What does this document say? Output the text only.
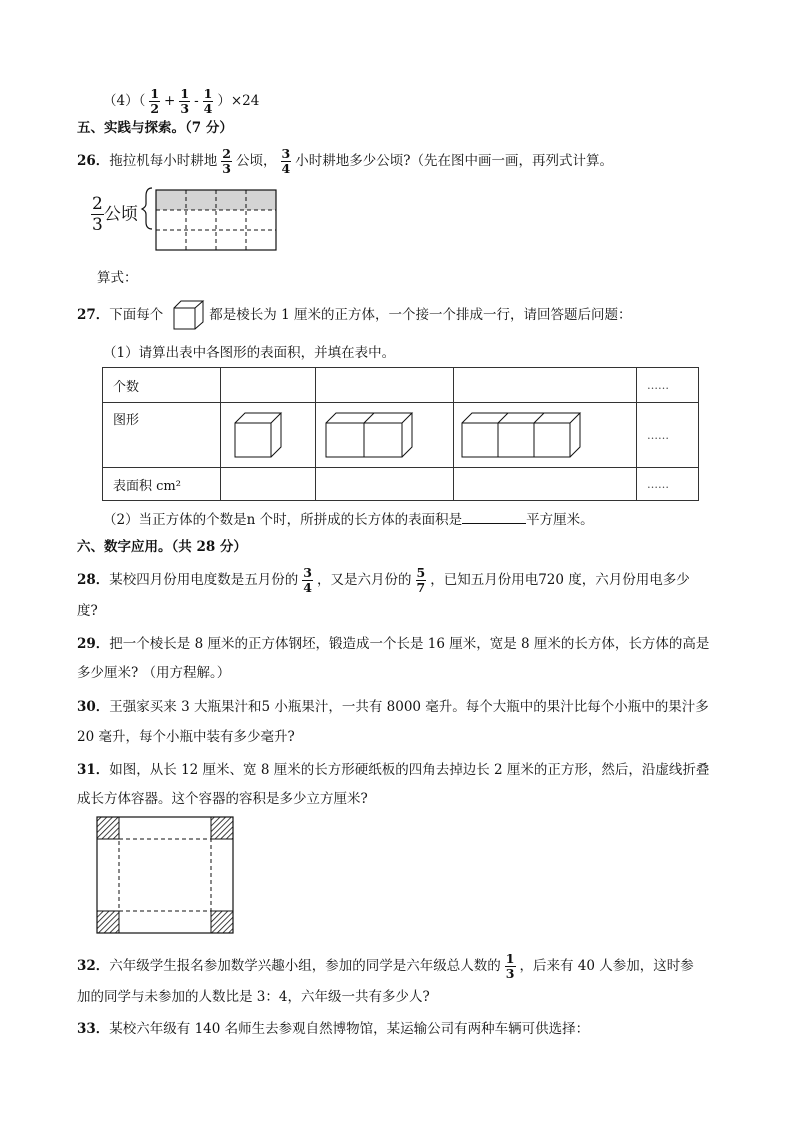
$(4)( \frac{1}{2} + \frac{1}{3} - \frac{1}{4} )\times 24$
五、实践与探索。（7 分）
26．拖拉机每小时耕地 $\frac{2}{3}$ 公顷， $\frac{3}{4}$ 小时耕地多少公顷?（先在图中画一画，再列式计算。
$\frac{2}{3}$ 公顷
算式：
27．下面每个	都是棱长为 1 厘米的正方体，一个接一个排成一行，请回答题后问题：
（1）请算出表中各图形的表面积，并填在表中。
个数				……
图形				……
表面积 cm²				……
（2）当正方体的个数是n 个时，所拼成的长方体的表面积是	平方厘米。
六、数字应用。（共 28 分）
28．某校四月份用电度数是五月份的 $\frac{3}{4}$ ，又是六月份的 $\frac{5}{7}$ ，已知五月份用电720 度，六月份用电多少
度?
29．把一个棱长是 8 厘米的正方体钢坯，锻造成一个长是 16 厘米，宽是 8 厘米的长方体，长方体的高是
多少厘米? （用方程解。）
30．王强家买来 3 大瓶果汁和5 小瓶果汁，一共有 8000 毫升。每个大瓶中的果汁比每个小瓶中的果汁多
20 毫升，每个小瓶中装有多少毫升?
31．如图，从长 12 厘米、宽 8 厘米的长方形硬纸板的四角去掉边长 2 厘米的正方形，然后，沿虚线折叠
成长方体容器。这个容器的容积是多少立方厘米?
32．六年级学生报名参加数学兴趣小组，参加的同学是六年级总人数的 $\frac{1}{3}$ ，后来有 40 人参加，这时参
加的同学与未参加的人数比是 3：4，六年级一共有多少人?
33．某校六年级有 140 名师生去参观自然博物馆，某运输公司有两种车辆可供选择：
